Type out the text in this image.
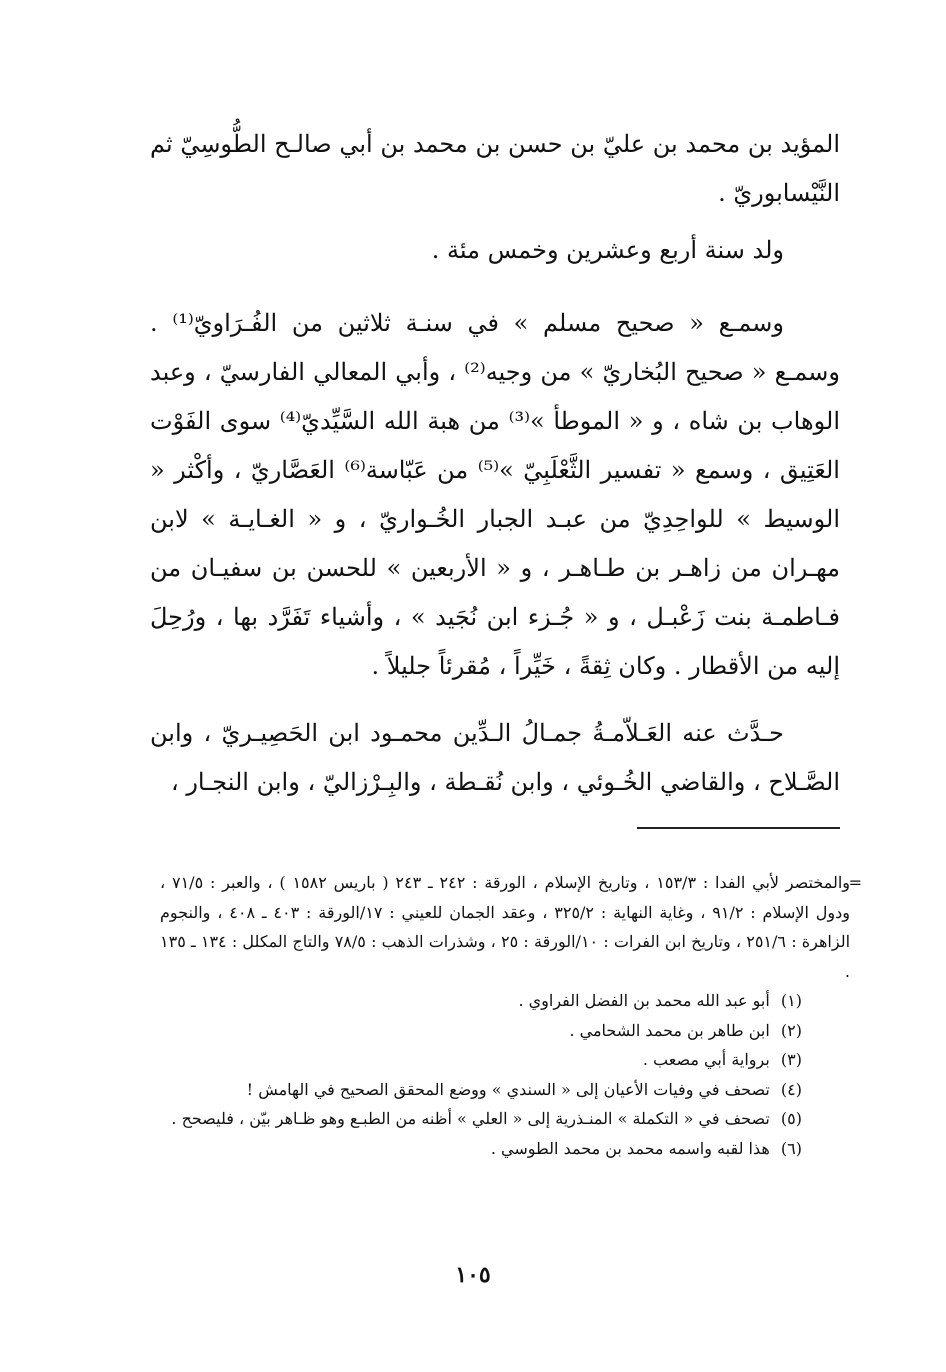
المؤيد بن محمد بن عليّ بن حسن بن محمد بن أبي صالـح الطُّوسِيّ ثم النَّيْسابوريّ .

ولد سنة أربع وعشرين وخمس مئة .

وسمـع « صحيح مسلم » في سنـة ثلاثين من الفُـرَاويّ⁽¹⁾ . وسمـع « صحيح البُخاريّ » من وجيه⁽²⁾ ، وأبي المعالي الفارسيّ ، وعبد الوهاب بن شاه ، و « الموطأ »⁽³⁾ من هبة الله السَّيِّديّ⁽⁴⁾ سوى الفَوْت العَتِيق ، وسمع « تفسير الثَّعْلَبِيّ »⁽⁵⁾ من عَبّاسة⁽⁶⁾ العَصَّاريّ ، وأكْثر « الوسيط » للواحِدِيّ من عبـد الجبار الخُـواريّ ، و « الغـايـة » لابن مهـران من زاهـر بن طـاهـر ، و « الأربعين » للحسن بن سفيـان من فـاطمـة بنت زَعْبـل ، و « جُـزء ابن نُجَيد » ، وأشياء تَفَرَّد بها ، ورُحِلَ إليه من الأقطار . وكان ثِقةً ، خَيِّراً ، مُقرئاً جليلاً .

حـدَّث عنه العَـلاّمـةُ جمـالُ الـدِّين محمـود ابن الحَصِيـريّ ، وابن الصَّـلاح ، والقاضي الخُـوئي ، وابن نُقـطة ، والبِـرْزاليّ ، وابن النجـار ،

=
والمختصر لأبي الفدا : ١٥٣/٣ ، وتاريخ الإسلام ، الورقة : ٢٤٢ ـ ٢٤٣ ( باريس ١٥٨٢ ) ، والعبر : ٧١/٥ ، ودول الإسلام : ٩١/٢ ، وغاية النهاية : ٣٢٥/٢ ، وعقد الجمان للعيني : ١٧/الورقة : ٤٠٣ ـ ٤٠٨ ، والنجوم الزاهرة : ٢٥١/٦ ، وتاريخ ابن الفرات : ١٠/الورقة : ٢٥ ، وشذرات الذهب : ٧٨/٥ والتاج المكلل : ١٣٤ ـ ١٣٥ .

(١) أبو عبد الله محمد بن الفضل الفراوي .

(٢) ابن طاهر بن محمد الشحامي .

(٣) برواية أبي مصعب .

(٤) تصحف في وفيات الأعيان إلى « السندي » ووضع المحقق الصحيح في الهامش !

(٥) تصحف في « التكملة » المنـذرية إلى « العلي » أظنه من الطبـع وهو ظـاهر بيّن ، فليصحح .

(٦) هذا لقبه واسمه محمد بن محمد الطوسي .

١٠٥
